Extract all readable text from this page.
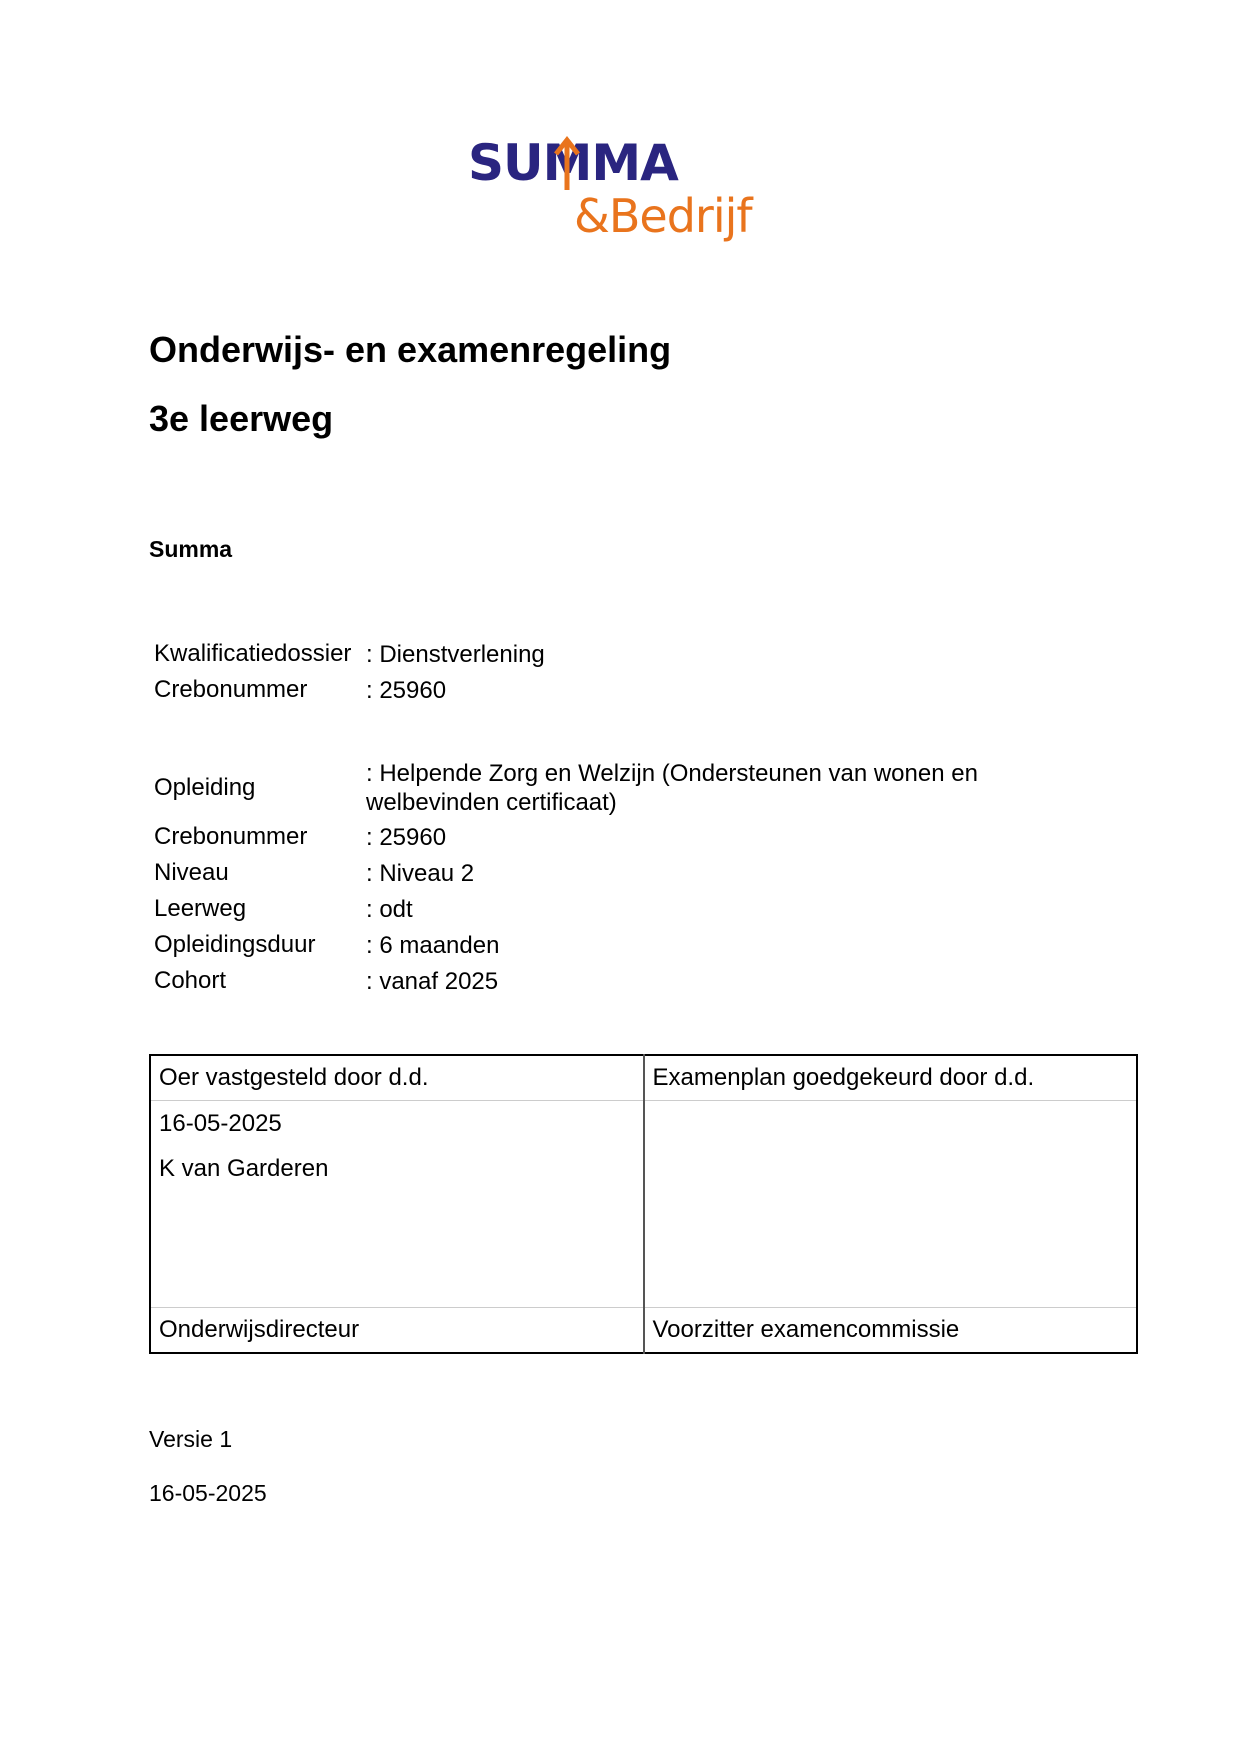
SUMMA
&Bedrijf
Onderwijs- en examenregeling
3e leerweg
Summa
Kwalificatiedossier : Dienstverlening
Crebonummer	: 25960
Opleiding
: Helpende Zorg en Welzijn (Ondersteunen van wonen en welbevinden certificaat)
Crebonummer	: 25960
Niveau	: Niveau 2
Leerweg	: odt
Opleidingsduur	: 6 maanden
Cohort	: vanaf 2025
Oer vastgesteld door d.d.	Examenplan goedgekeurd door d.d.

16-05-2025
K van Garderen	

Onderwijsdirecteur	Voorzitter examencommissie
Versie 1
16-05-2025
